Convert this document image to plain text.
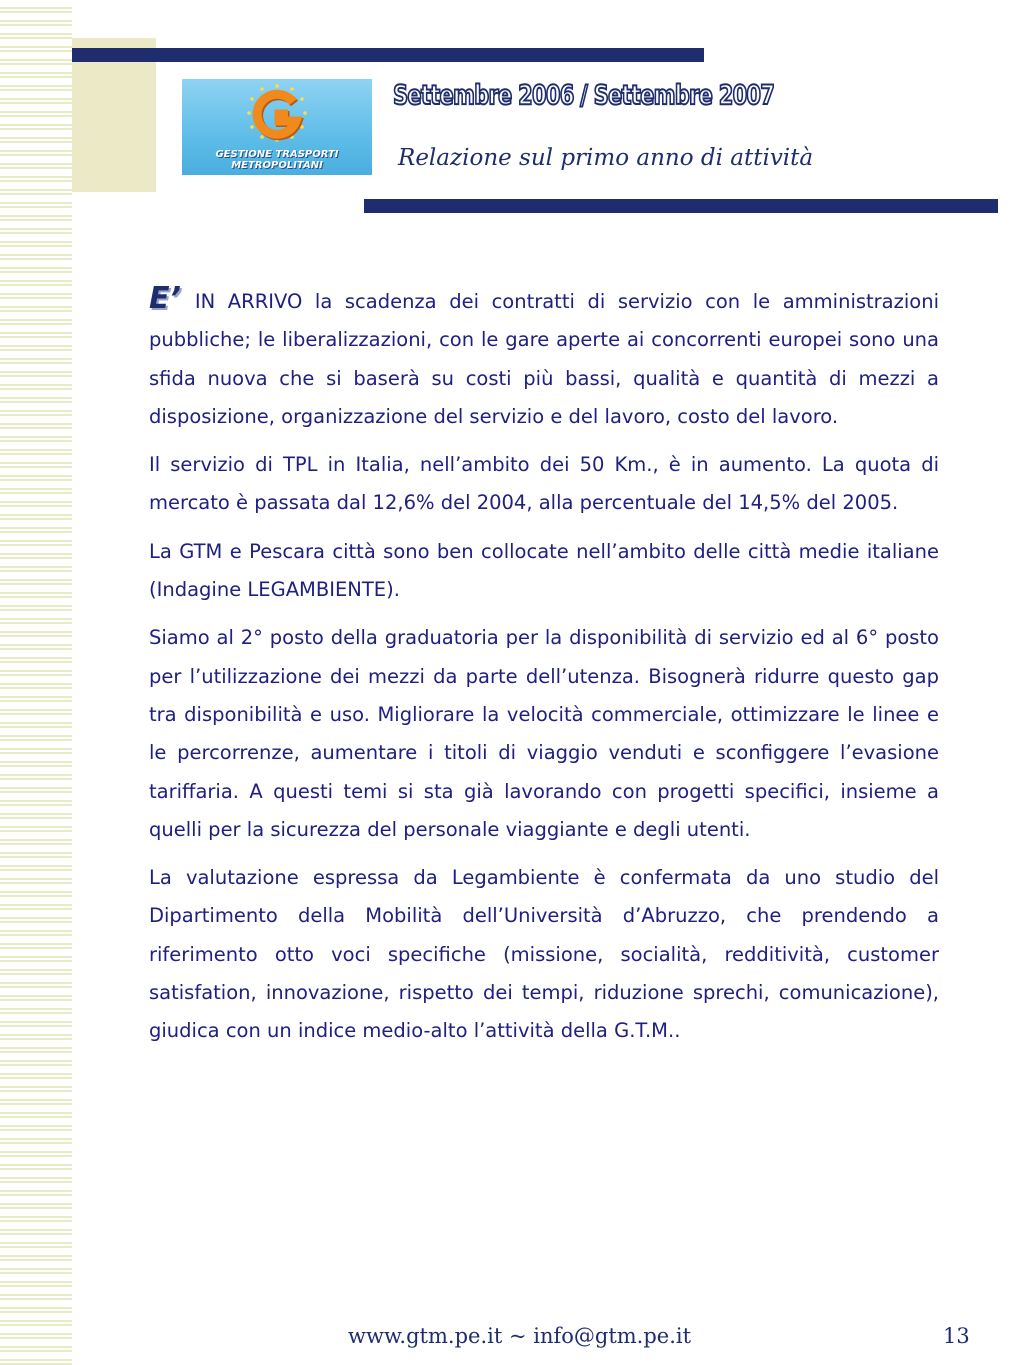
GESTIONE TRASPORTI
METROPOLITANI
Settembre 2006 / Settembre 2007
Relazione sul primo anno di attività

E’ IN ARRIVO la scadenza dei contratti di servizio con le amministrazioni pubbliche; le liberalizzazioni, con le gare aperte ai concorrenti europei sono una sfida nuova che si baserà su costi più bassi, qualità e quantità di mezzi a disposizione, organizzazione del servizio e del lavoro, costo del lavoro.

Il servizio di TPL in Italia, nell’ambito dei 50 Km., è in aumento. La quota di mercato è passata dal 12,6% del 2004, alla percentuale del 14,5% del 2005.

La GTM e Pescara città sono ben collocate nell’ambito delle città medie italiane (Indagine LEGAMBIENTE).

Siamo al 2° posto della graduatoria per la disponibilità di servizio ed al 6° posto per l’utilizzazione dei mezzi da parte dell’utenza. Bisognerà ridurre questo gap tra disponibilità e uso. Migliorare la velocità commerciale, ottimizzare le linee e le percorrenze, aumentare i titoli di viaggio venduti e sconfiggere l’evasione tariffaria. A questi temi si sta già lavorando con progetti specifici, insieme a quelli per la sicurezza del personale viaggiante e degli utenti.

La valutazione espressa da Legambiente è confermata da uno studio del Dipartimento della Mobilità dell’Università d’Abruzzo, che prendendo a riferimento otto voci specifiche (missione, socialità, redditività, customer satisfation, innovazione, rispetto dei tempi, riduzione sprechi, comunicazione), giudica con un indice medio-alto l’attività della G.T.M..

www.gtm.pe.it ~ info@gtm.pe.it	13
